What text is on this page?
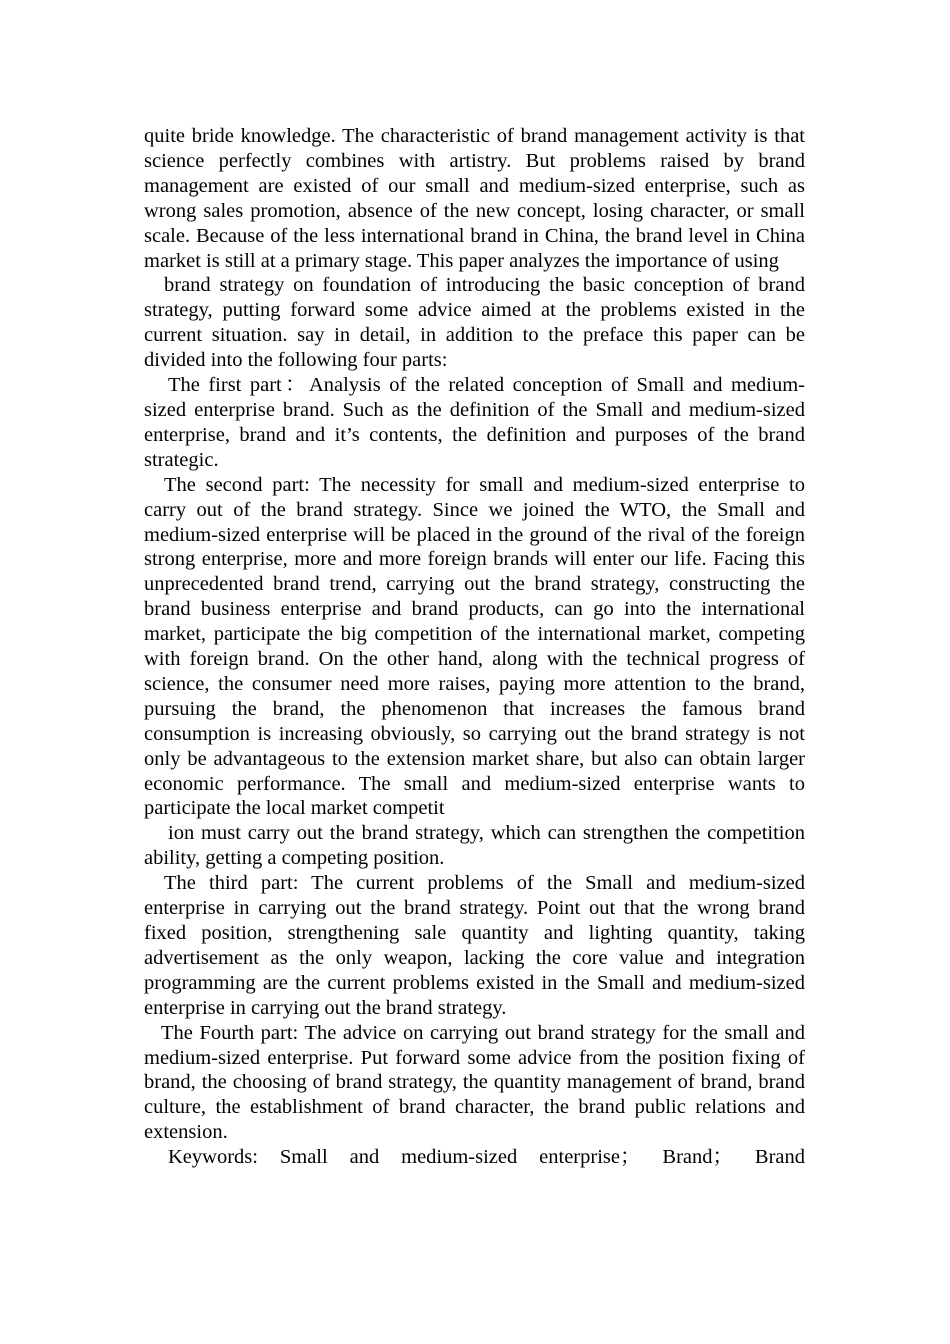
quite bride knowledge. The characteristic of brand management activity is that science perfectly combines with artistry. But problems raised by brand management are existed of our small and medium-sized enterprise, such as wrong sales promotion, absence of the new concept, losing character, or small scale. Because of the less international brand in China, the brand level in China market is still at a primary stage. This paper analyzes the importance of using

brand strategy on foundation of introducing the basic conception of brand strategy, putting forward some advice aimed at the problems existed in the current situation. say in detail, in addition to the preface this paper can be divided into the following four parts:

The first part：Analysis of the related conception of Small and medium-sized enterprise brand. Such as the definition of the Small and medium-sized enterprise, brand and it’s contents, the definition and purposes of the brand strategic.

The second part: The necessity for small and medium-sized enterprise to carry out of the brand strategy. Since we joined the WTO, the Small and medium-sized enterprise will be placed in the ground of the rival of the foreign strong enterprise, more and more foreign brands will enter our life. Facing this unprecedented brand trend, carrying out the brand strategy, constructing the brand business enterprise and brand products, can go into the international market, participate the big competition of the international market, competing with foreign brand. On the other hand, along with the technical progress of science, the consumer need more raises, paying more attention to the brand, pursuing the brand, the phenomenon that increases the famous brand consumption is increasing obviously, so carrying out the brand strategy is not only be advantageous to the extension market share, but also can obtain larger economic performance. The small and medium-sized enterprise wants to participate the local market competit

ion must carry out the brand strategy, which can strengthen the competition ability, getting a competing position.

The third part: The current problems of the Small and medium-sized enterprise in carrying out the brand strategy. Point out that the wrong brand fixed position, strengthening sale quantity and lighting quantity, taking advertisement as the only weapon, lacking the core value and integration programming are the current problems existed in the Small and medium-sized enterprise in carrying out the brand strategy.

The Fourth part: The advice on carrying out brand strategy for the small and medium-sized enterprise. Put forward some advice from the position fixing of brand, the choosing of brand strategy, the quantity management of brand, brand culture, the establishment of brand character, the brand public relations and extension.

Keywords: Small and medium-sized enterprise； Brand； Brand
